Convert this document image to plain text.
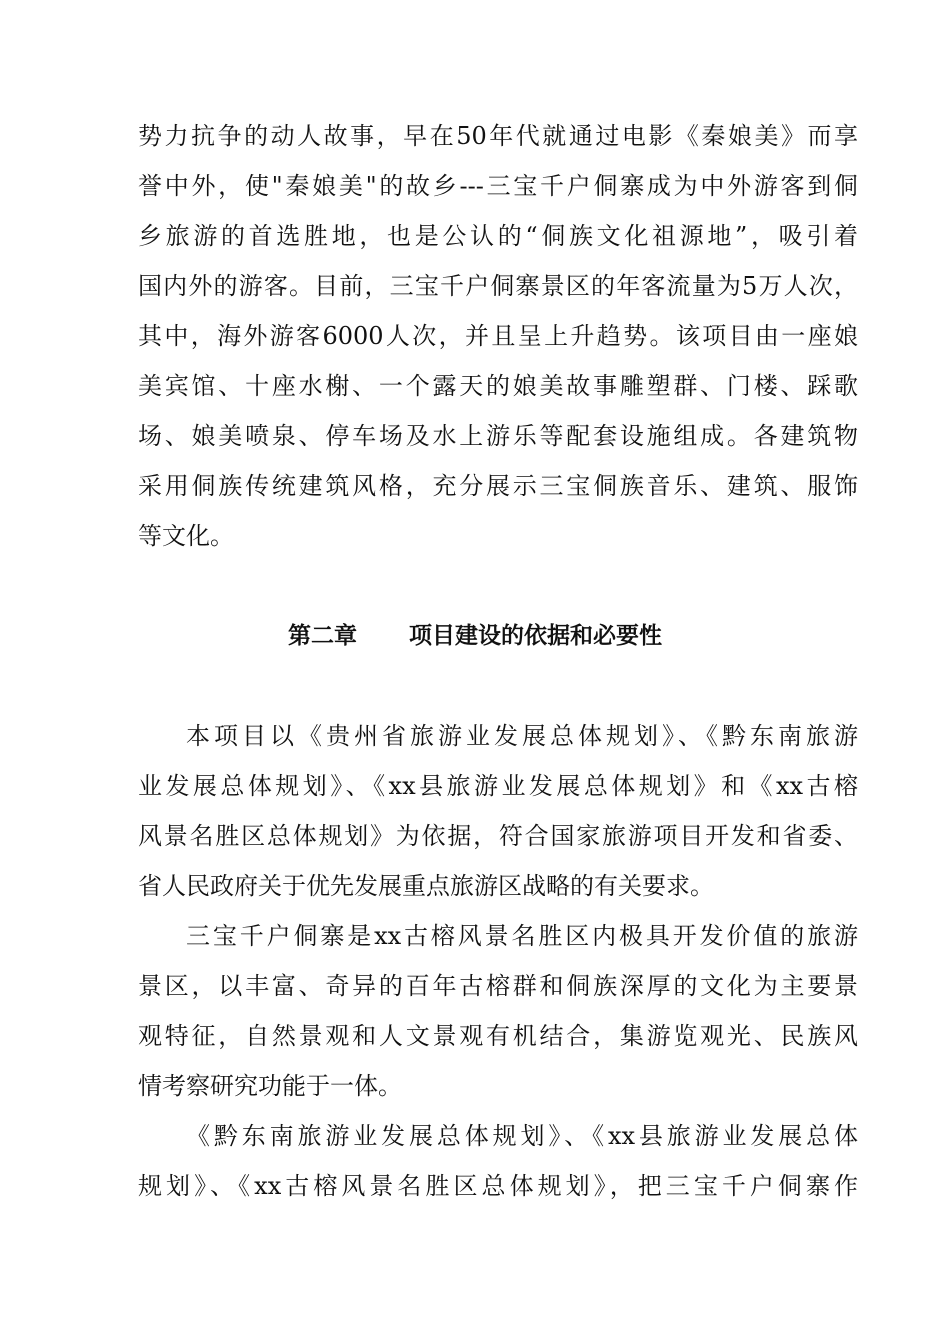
势力抗争的动人故事，早在50年代就通过电影《秦娘美》而享
誉中外，使"秦娘美"的故乡---三宝千户侗寨成为中外游客到侗
乡旅游的首选胜地，也是公认的“侗族文化祖源地”，吸引着
国内外的游客。目前，三宝千户侗寨景区的年客流量为5万人次，
其中，海外游客6000人次，并且呈上升趋势。该项目由一座娘
美宾馆、十座水榭、一个露天的娘美故事雕塑群、门楼、踩歌
场、娘美喷泉、停车场及水上游乐等配套设施组成。各建筑物
采用侗族传统建筑风格，充分展示三宝侗族音乐、建筑、服饰
等文化。
第二章 项目建设的依据和必要性
本项目以《贵州省旅游业发展总体规划》、《黔东南旅游
业发展总体规划》、《xx县旅游业发展总体规划》和《xx古榕
风景名胜区总体规划》为依据，符合国家旅游项目开发和省委、
省人民政府关于优先发展重点旅游区战略的有关要求。
三宝千户侗寨是xx古榕风景名胜区内极具开发价值的旅游
景区，以丰富、奇异的百年古榕群和侗族深厚的文化为主要景
观特征，自然景观和人文景观有机结合，集游览观光、民族风
情考察研究功能于一体。
《黔东南旅游业发展总体规划》、《xx县旅游业发展总体
规划》、《xx古榕风景名胜区总体规划》，把三宝千户侗寨作
